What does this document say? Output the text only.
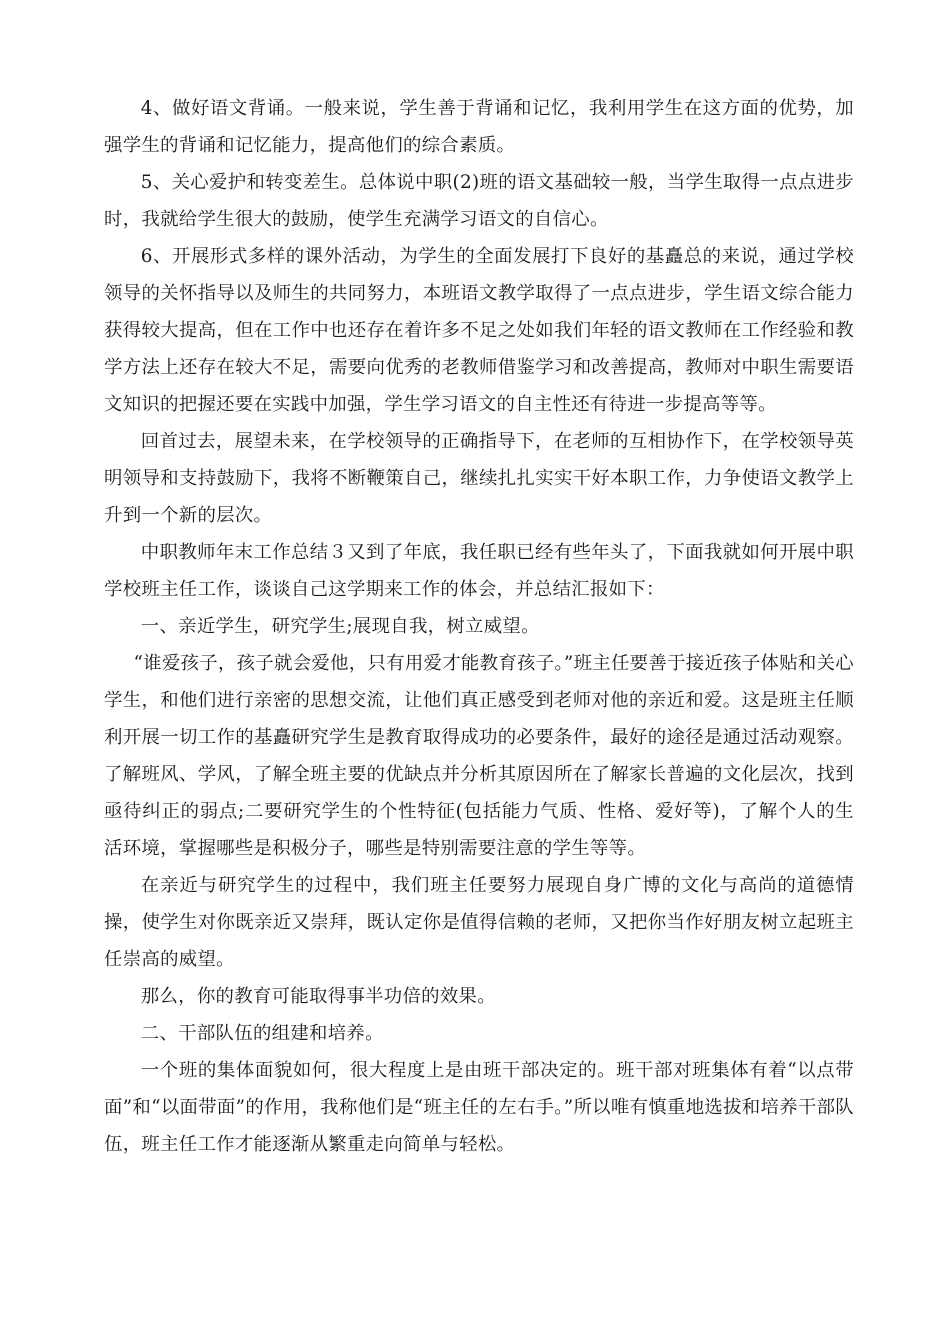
4、做好语文背诵。一般来说，学生善于背诵和记忆，我利用学生在这方面的优势，加强学生的背诵和记忆能力，提高他们的综合素质。

5、关心爱护和转变差生。总体说中职(2)班的语文基础较一般，当学生取得一点点进步时，我就给学生很大的鼓励，使学生充满学习语文的自信心。

6、开展形式多样的课外活动，为学生的全面发展打下良好的基矗总的来说，通过学校领导的关怀指导以及师生的共同努力，本班语文教学取得了一点点进步，学生语文综合能力获得较大提高，但在工作中也还存在着许多不足之处如我们年轻的语文教师在工作经验和教学方法上还存在较大不足，需要向优秀的老教师借鉴学习和改善提高，教师对中职生需要语文知识的把握还要在实践中加强，学生学习语文的自主性还有待进一步提高等等。

回首过去，展望未来，在学校领导的正确指导下，在老师的互相协作下，在学校领导英明领导和支持鼓励下，我将不断鞭策自己，继续扎扎实实干好本职工作，力争使语文教学上升到一个新的层次。

中职教师年末工作总结３又到了年底，我任职已经有些年头了，下面我就如何开展中职学校班主任工作，谈谈自己这学期来工作的体会，并总结汇报如下：

一、亲近学生，研究学生;展现自我，树立威望。

“谁爱孩子，孩子就会爱他，只有用爱才能教育孩子。”班主任要善于接近孩子体贴和关心学生，和他们进行亲密的思想交流，让他们真正感受到老师对他的亲近和爱。这是班主任顺利开展一切工作的基矗研究学生是教育取得成功的必要条件，最好的途径是通过活动观察。了解班风、学风，了解全班主要的优缺点并分析其原因所在了解家长普遍的文化层次，找到亟待纠正的弱点;二要研究学生的个性特征(包括能力气质、性格、爱好等)，了解个人的生活环境，掌握哪些是积极分子，哪些是特别需要注意的学生等等。

在亲近与研究学生的过程中，我们班主任要努力展现自身广博的文化与高尚的道德情操，使学生对你既亲近又崇拜，既认定你是值得信赖的老师，又把你当作好朋友树立起班主任崇高的威望。

那么，你的教育可能取得事半功倍的效果。

二、干部队伍的组建和培养。

一个班的集体面貌如何，很大程度上是由班干部决定的。班干部对班集体有着“以点带面”和“以面带面”的作用，我称他们是“班主任的左右手。”所以唯有慎重地选拔和培养干部队伍，班主任工作才能逐渐从繁重走向简单与轻松。
